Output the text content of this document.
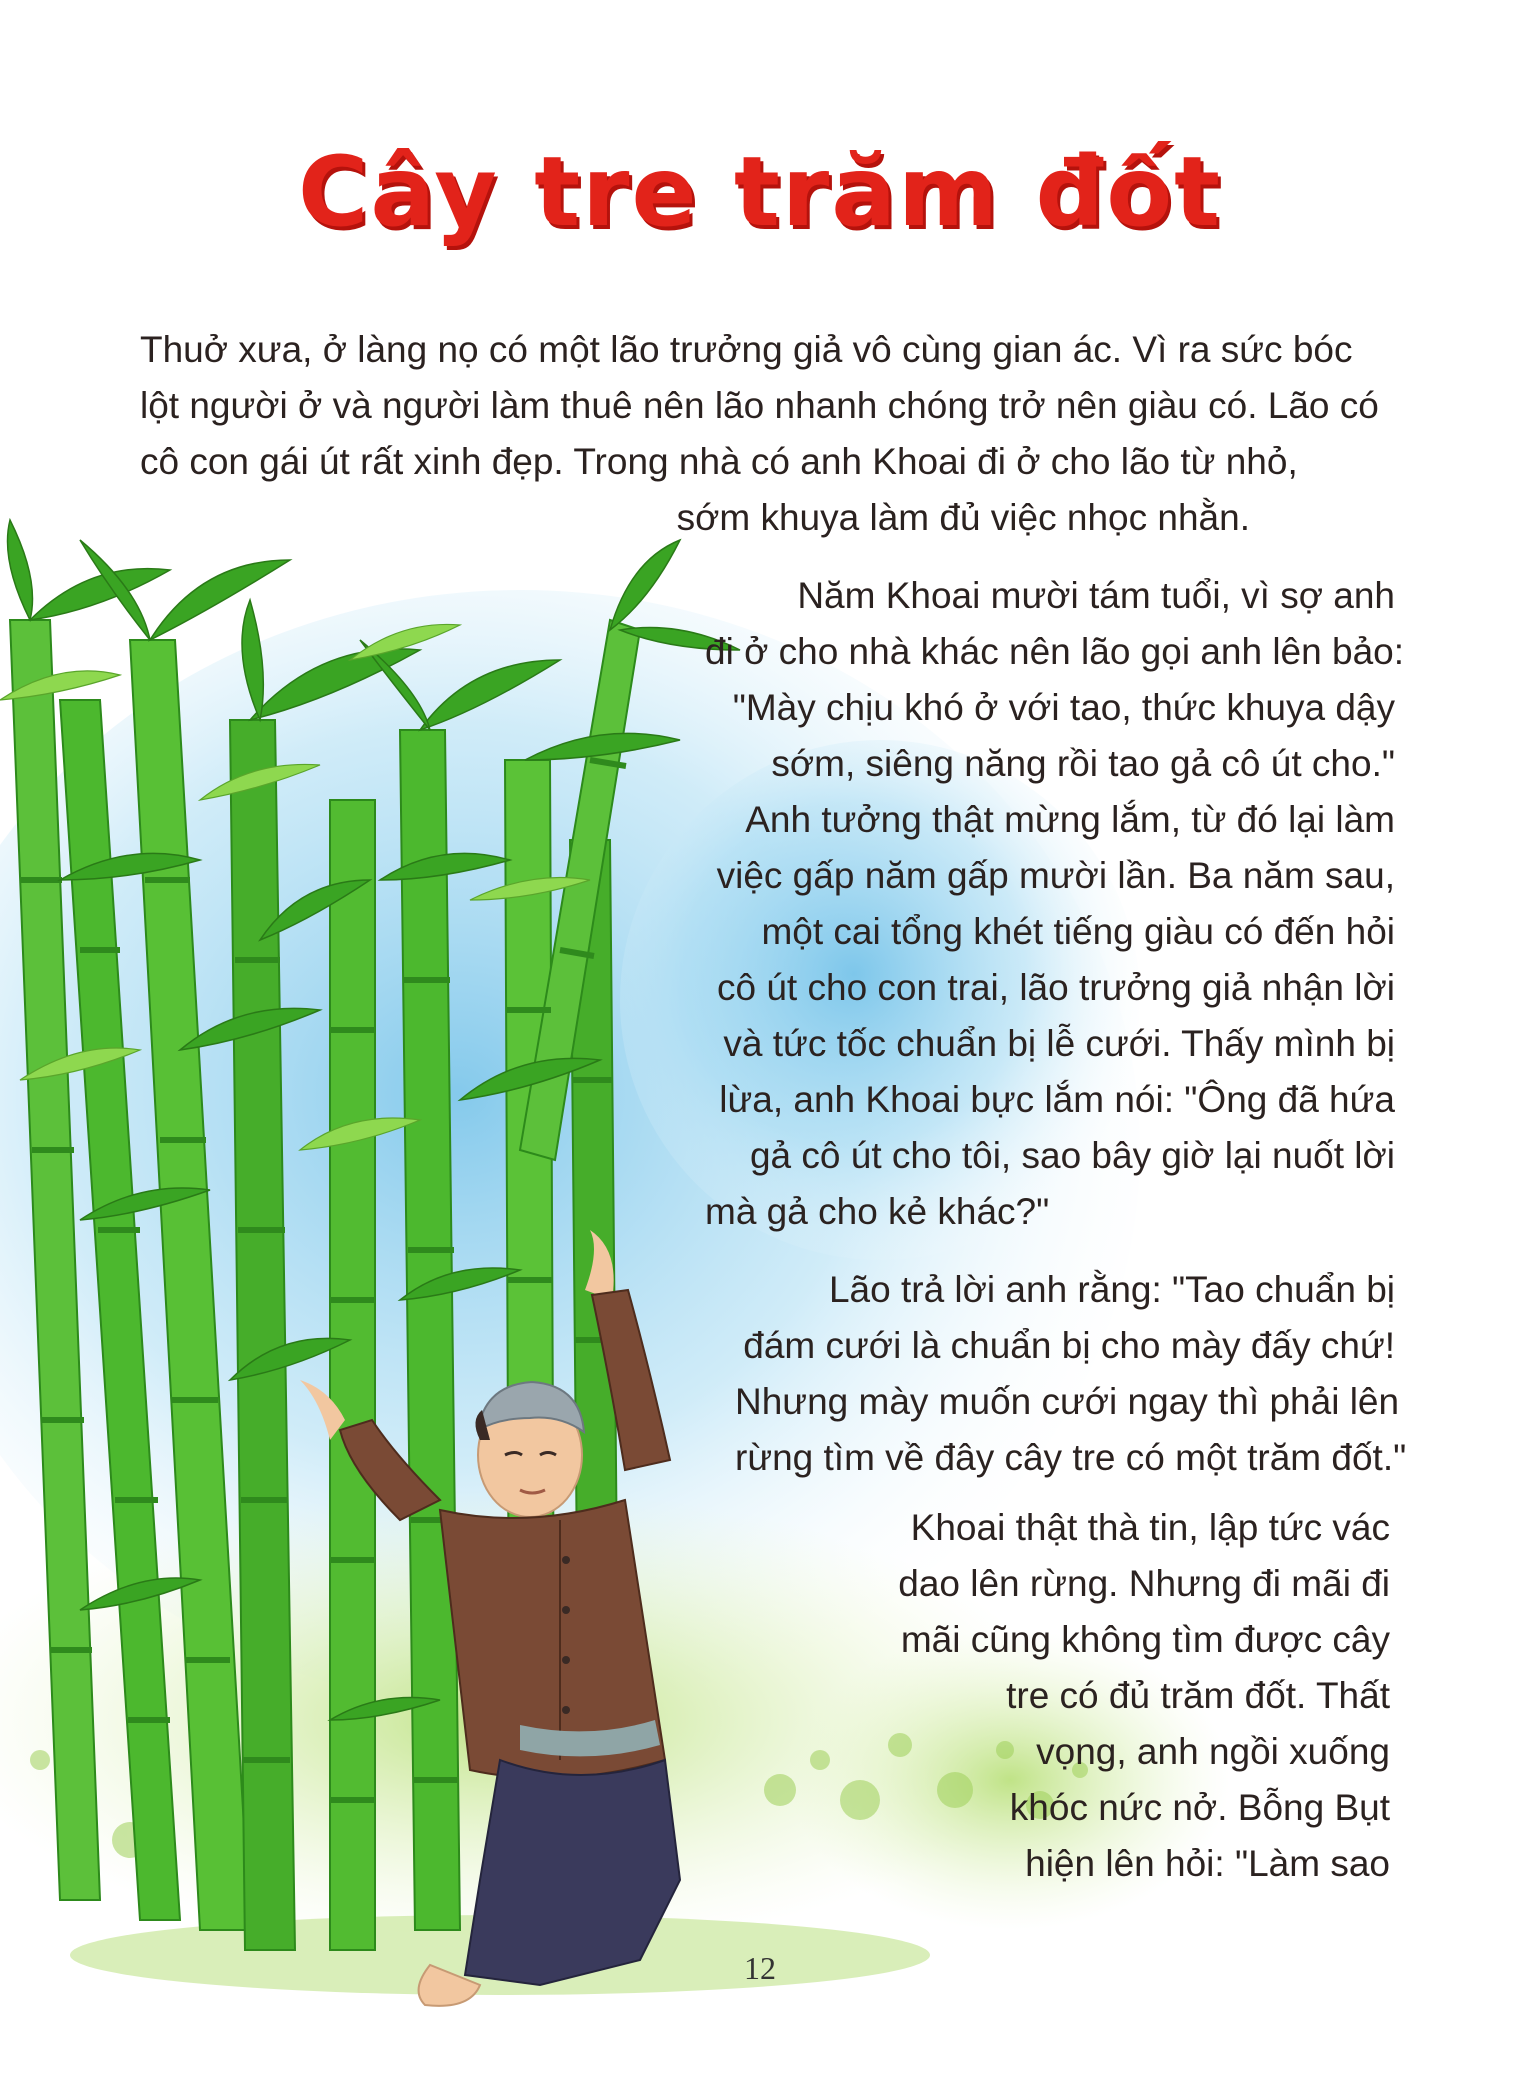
Cây tre trăm đốt
Thuở xưa, ở làng nọ có một lão trưởng giả vô cùng gian ác. Vì ra sức bóc
lột người ở và người làm thuê nên lão nhanh chóng trở nên giàu có. Lão có
cô con gái út rất xinh đẹp. Trong nhà có anh Khoai đi ở cho lão từ nhỏ,
sớm khuya làm đủ việc nhọc nhằn.
Năm Khoai mười tám tuổi, vì sợ anh
đi ở cho nhà khác nên lão gọi anh lên bảo:
"Mày chịu khó ở với tao, thức khuya dậy
sớm, siêng năng rồi tao gả cô út cho."
Anh tưởng thật mừng lắm, từ đó lại làm
việc gấp năm gấp mười lần. Ba năm sau,
một cai tổng khét tiếng giàu có đến hỏi
cô út cho con trai, lão trưởng giả nhận lời
và tức tốc chuẩn bị lễ cưới. Thấy mình bị
lừa, anh Khoai bực lắm nói: "Ông đã hứa
gả cô út cho tôi, sao bây giờ lại nuốt lời
mà gả cho kẻ khác?"
Lão trả lời anh rằng: "Tao chuẩn bị
đám cưới là chuẩn bị cho mày đấy chứ!
Nhưng mày muốn cưới ngay thì phải lên
rừng tìm về đây cây tre có một trăm đốt."
Khoai thật thà tin, lập tức vác
dao lên rừng. Nhưng đi mãi đi
mãi cũng không tìm được cây
tre có đủ trăm đốt. Thất
vọng, anh ngồi xuống
khóc nức nở. Bỗng Bụt
hiện lên hỏi: "Làm sao
12
